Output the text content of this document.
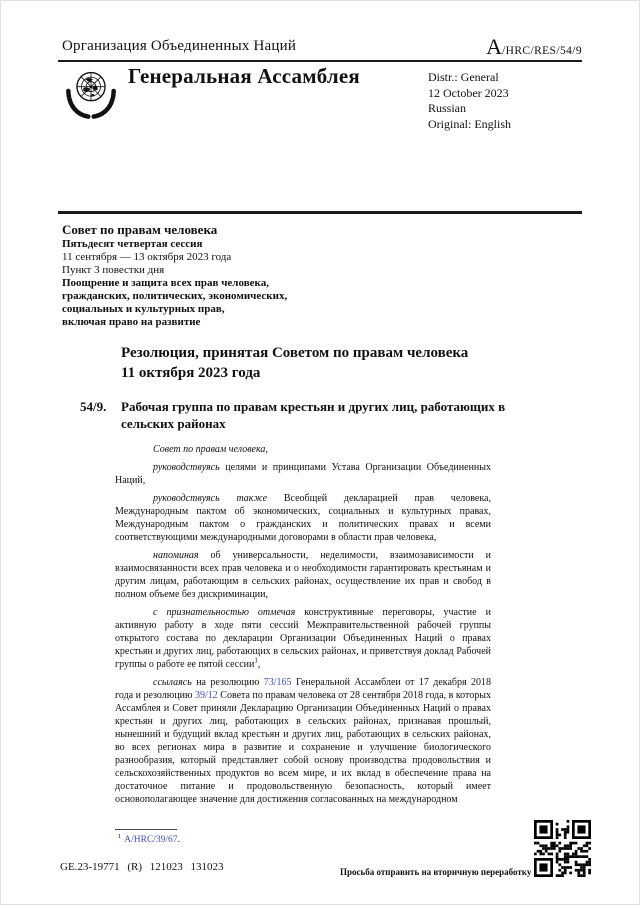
Организация Объединенных Наций	A/HRC/RES/54/9
Генеральная Ассамблея	Distr.: General
12 October 2023
Russian
Original: English
Совет по правам человека
Пятьдесят четвертая сессия
11 сентября — 13 октября 2023 года
Пункт 3 повестки дня
Поощрение и защита всех прав человека,
гражданских, политических, экономических,
социальных и культурных прав,
включая право на развитие
Резолюция, принятая Советом по правам человека
11 октября 2023 года
54/9. Рабочая группа по правам крестьян и других лиц, работающих в сельских районах

Совет по правам человека,

руководствуясь целями и принципами Устава Организации Объединенных Наций,

руководствуясь также Всеобщей декларацией прав человека, Международным пактом об экономических, социальных и культурных правах, Международным пактом о гражданских и политических правах и всеми соответствующими международными договорами в области прав человека,

напоминая об универсальности, неделимости, взаимозависимости и взаимосвязанности всех прав человека и о необходимости гарантировать крестьянам и другим лицам, работающим в сельских районах, осуществление их прав и свобод в полном объеме без дискриминации,

с признательностью отмечая конструктивные переговоры, участие и активную работу в ходе пяти сессий Межправительственной рабочей группы открытого состава по декларации Организации Объединенных Наций о правах крестьян и других лиц, работающих в сельских районах, и приветствуя доклад Рабочей группы о работе ее пятой сессии$^1$,

ссылаясь на резолюцию 73/165 Генеральной Ассамблеи от 17 декабря 2018 года и резолюцию 39/12 Совета по правам человека от 28 сентября 2018 года, в которых Ассамблея и Совет приняли Декларацию Организации Объединенных Наций о правах крестьян и других лиц, работающих в сельских районах, признавая прошлый, нынешний и будущий вклад крестьян и других лиц, работающих в сельских районах, во всех регионах мира в развитие и сохранение и улучшение биологического разнообразия, который представляет собой основу производства продовольствия и сельскохозяйственных продуктов во всем мире, и их вклад в обеспечение права на достаточное питание и продовольственную безопасность, который имеет основополагающее значение для достижения согласованных на международном

$^1$ A/HRC/39/67.
GE.23-19771 (R) 121023 131023	Просьба отправить на вторичную переработку
